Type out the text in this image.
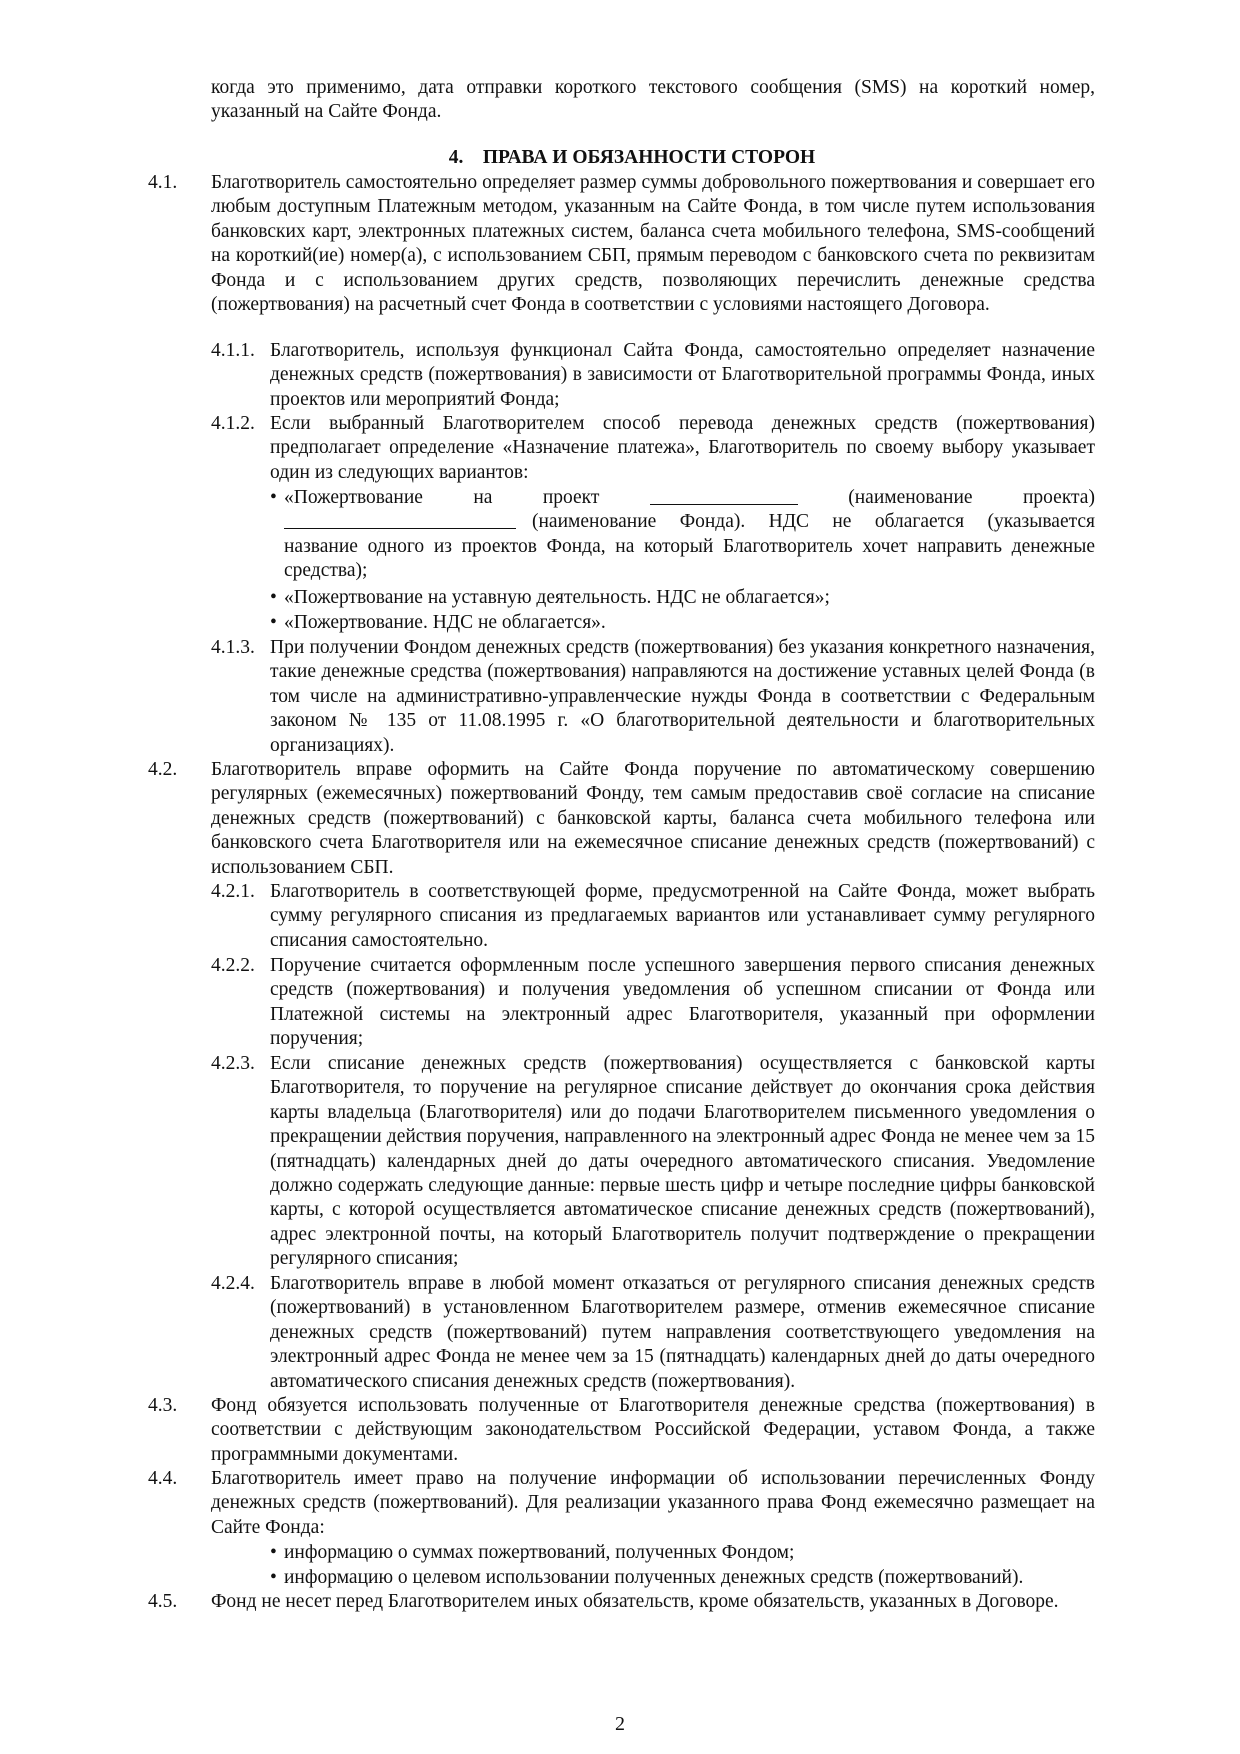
когда это применимо, дата отправки короткого текстового сообщения (SMS) на короткий номер, указанный на Сайте Фонда.
4. ПРАВА И ОБЯЗАННОСТИ СТОРОН
4.1. Благотворитель самостоятельно определяет размер суммы добровольного пожертвования и совершает его любым доступным Платежным методом, указанным на Сайте Фонда, в том числе путем использования банковских карт, электронных платежных систем, баланса счета мобильного телефона, SMS-сообщений на короткий(ие) номер(а), с использованием СБП, прямым переводом с банковского счета по реквизитам Фонда и с использованием других средств, позволяющих перечислить денежные средства (пожертвования) на расчетный счет Фонда в соответствии с условиями настоящего Договора.
4.1.1. Благотворитель, используя функционал Сайта Фонда, самостоятельно определяет назначение денежных средств (пожертвования) в зависимости от Благотворительной программы Фонда, иных проектов или мероприятий Фонда;
4.1.2. Если выбранный Благотворителем способ перевода денежных средств (пожертвования) предполагает определение «Назначение платежа», Благотворитель по своему выбору указывает один из следующих вариантов:
• «Пожертвование	на	проект	(наименование	проекта)
(наименование Фонда). НДС не облагается (указывается
название одного из проектов Фонда, на который Благотворитель хочет направить денежные средства);
• «Пожертвование на уставную деятельность. НДС не облагается»;
• «Пожертвование. НДС не облагается».
4.1.3. При получении Фондом денежных средств (пожертвования) без указания конкретного назначения, такие денежные средства (пожертвования) направляются на достижение уставных целей Фонда (в том числе на административно-управленческие нужды Фонда в соответствии с Федеральным законом № 135 от 11.08.1995 г. «О благотворительной деятельности и благотворительных организациях).
4.2. Благотворитель вправе оформить на Сайте Фонда поручение по автоматическому совершению регулярных (ежемесячных) пожертвований Фонду, тем самым предоставив своё согласие на списание денежных средств (пожертвований) с банковской карты, баланса счета мобильного телефона или банковского счета Благотворителя или на ежемесячное списание денежных средств (пожертвований) с использованием СБП.
4.2.1. Благотворитель в соответствующей форме, предусмотренной на Сайте Фонда, может выбрать сумму регулярного списания из предлагаемых вариантов или устанавливает сумму регулярного списания самостоятельно.
4.2.2. Поручение считается оформленным после успешного завершения первого списания денежных средств (пожертвования) и получения уведомления об успешном списании от Фонда или Платежной системы на электронный адрес Благотворителя, указанный при оформлении поручения;
4.2.3. Если списание денежных средств (пожертвования) осуществляется с банковской карты Благотворителя, то поручение на регулярное списание действует до окончания срока действия карты владельца (Благотворителя) или до подачи Благотворителем письменного уведомления о прекращении действия поручения, направленного на электронный адрес Фонда не менее чем за 15 (пятнадцать) календарных дней до даты очередного автоматического списания. Уведомление должно содержать следующие данные: первые шесть цифр и четыре последние цифры банковской карты, с которой осуществляется автоматическое списание денежных средств (пожертвований), адрес электронной почты, на который Благотворитель получит подтверждение о прекращении регулярного списания;
4.2.4. Благотворитель вправе в любой момент отказаться от регулярного списания денежных средств (пожертвований) в установленном Благотворителем размере, отменив ежемесячное списание денежных средств (пожертвований) путем направления соответствующего уведомления на электронный адрес Фонда не менее чем за 15 (пятнадцать) календарных дней до даты очередного автоматического списания денежных средств (пожертвования).
4.3. Фонд обязуется использовать полученные от Благотворителя денежные средства (пожертвования) в соответствии с действующим законодательством Российской Федерации, уставом Фонда, а также программными документами.
4.4. Благотворитель имеет право на получение информации об использовании перечисленных Фонду денежных средств (пожертвований). Для реализации указанного права Фонд ежемесячно размещает на Сайте Фонда:
• информацию о суммах пожертвований, полученных Фондом;
• информацию о целевом использовании полученных денежных средств (пожертвований).
4.5. Фонд не несет перед Благотворителем иных обязательств, кроме обязательств, указанных в Договоре.
2
